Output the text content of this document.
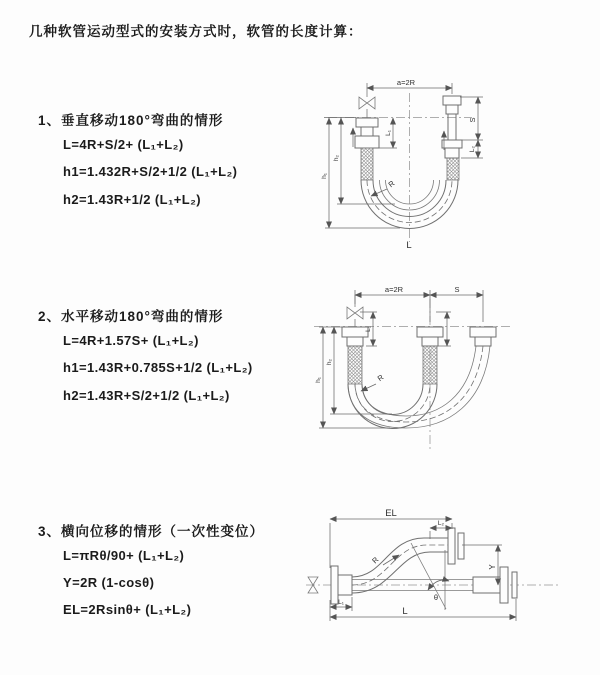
几种软管运动型式的安装方式时，软管的长度计算：
1、垂直移动180°弯曲的情形
L=4R+S/2+ (L₁+L₂)
h1=1.432R+S/2+1/2 (L₁+L₂)
h2=1.43R+1/2 (L₁+L₂)
2、水平移动180°弯曲的情形
L=4R+1.57S+ (L₁+L₂)
h1=1.43R+0.785S+1/2 (L₁+L₂)
h2=1.43R+S/2+1/2 (L₁+L₂)
3、横向位移的情形（一次性变位）
L=πRθ/90+ (L₁+L₂)
Y=2R (1-cosθ)
EL=2Rsinθ+ (L₁+L₂)
a=2R
S
L₂
h₁
h₂
L₁
R
L
a=2R	S
h₁
h₂
L₁
R
EL
L₂
Y
θ
R
L
L₁
